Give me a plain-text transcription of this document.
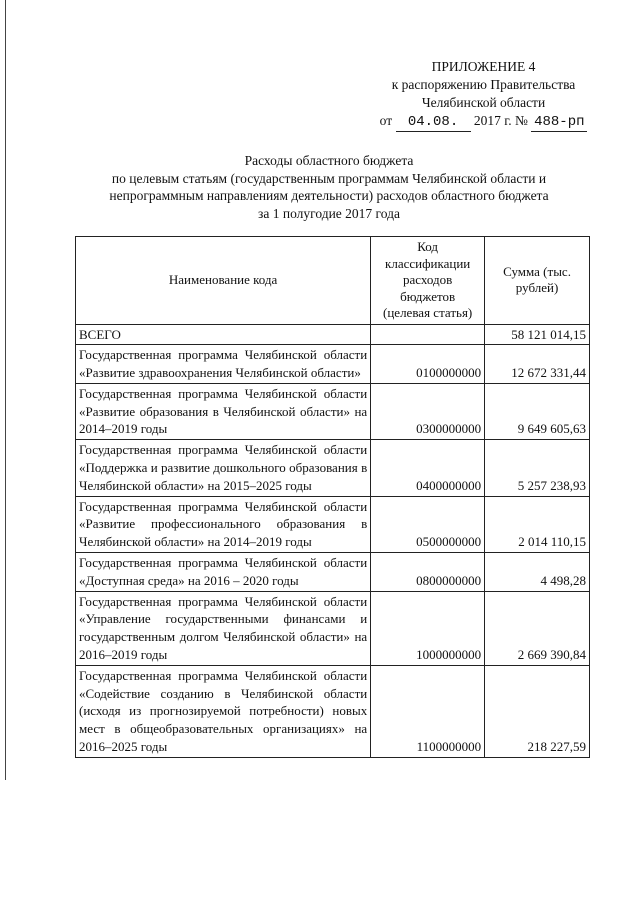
ПРИЛОЖЕНИЕ 4
к распоряжению Правительства
Челябинской области
от 04.08. 2017 г. № 488-рп
Расходы областного бюджета
по целевым статьям (государственным программам Челябинской области и
непрограммным направлениям деятельности) расходов областного бюджета
за 1 полугодие 2017 года
Наименование кода	Код классификации расходов бюджетов (целевая статья)	Сумма (тыс. рублей)
ВСЕГО		58 121 014,15
Государственная программа Челябинской области «Развитие здравоохранения Челябинской области»	0100000000	12 672 331,44
Государственная программа Челябинской области «Развитие образования в Челябинской области» на 2014–2019 годы	0300000000	9 649 605,63
Государственная программа Челябинской области «Поддержка и развитие дошкольного образования в Челябинской области» на 2015–2025 годы	0400000000	5 257 238,93
Государственная программа Челябинской области «Развитие профессионального образования в Челябинской области» на 2014–2019 годы	0500000000	2 014 110,15
Государственная программа Челябинской области «Доступная среда» на 2016 – 2020 годы	0800000000	4 498,28
Государственная программа Челябинской области «Управление государственными финансами и государственным долгом Челябинской области» на 2016–2019 годы	1000000000	2 669 390,84
Государственная программа Челябинской области «Содействие созданию в Челябинской области (исходя из прогнозируемой потребности) новых мест в общеобразовательных организациях» на 2016–2025 годы	1100000000	218 227,59
